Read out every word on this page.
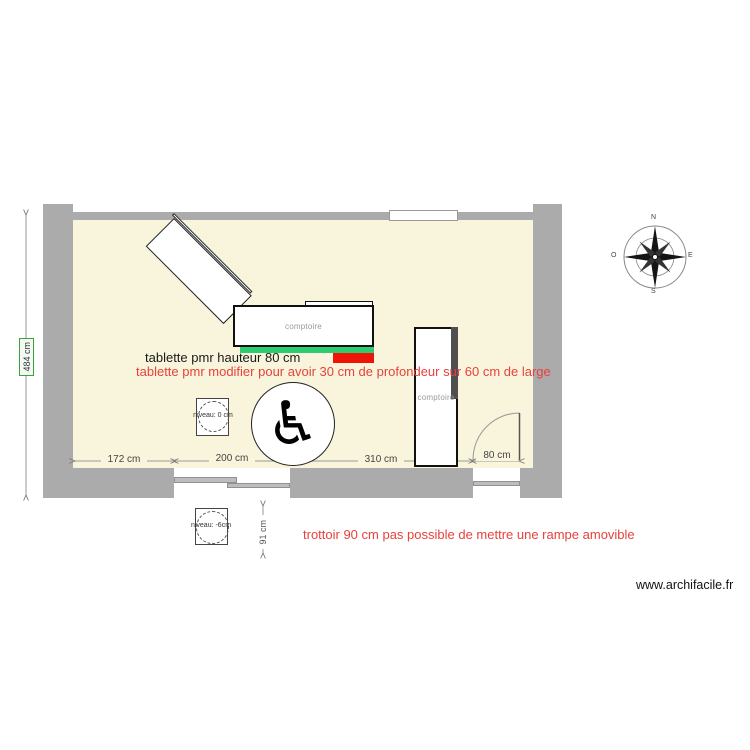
comptoire
comptoire
♿
niveau: 0 cm
niveau: -6cm
172 cm	200 cm	310 cm	80 cm
484 cm
91 cm
tablette pmr hauteur 80 cm
tablette pmr modifier pour avoir 30 cm de profondeur sur 60 cm de large
trottoir 90 cm pas possible de mettre une rampe amovible
N
E
S
O
www.archifacile.fr
